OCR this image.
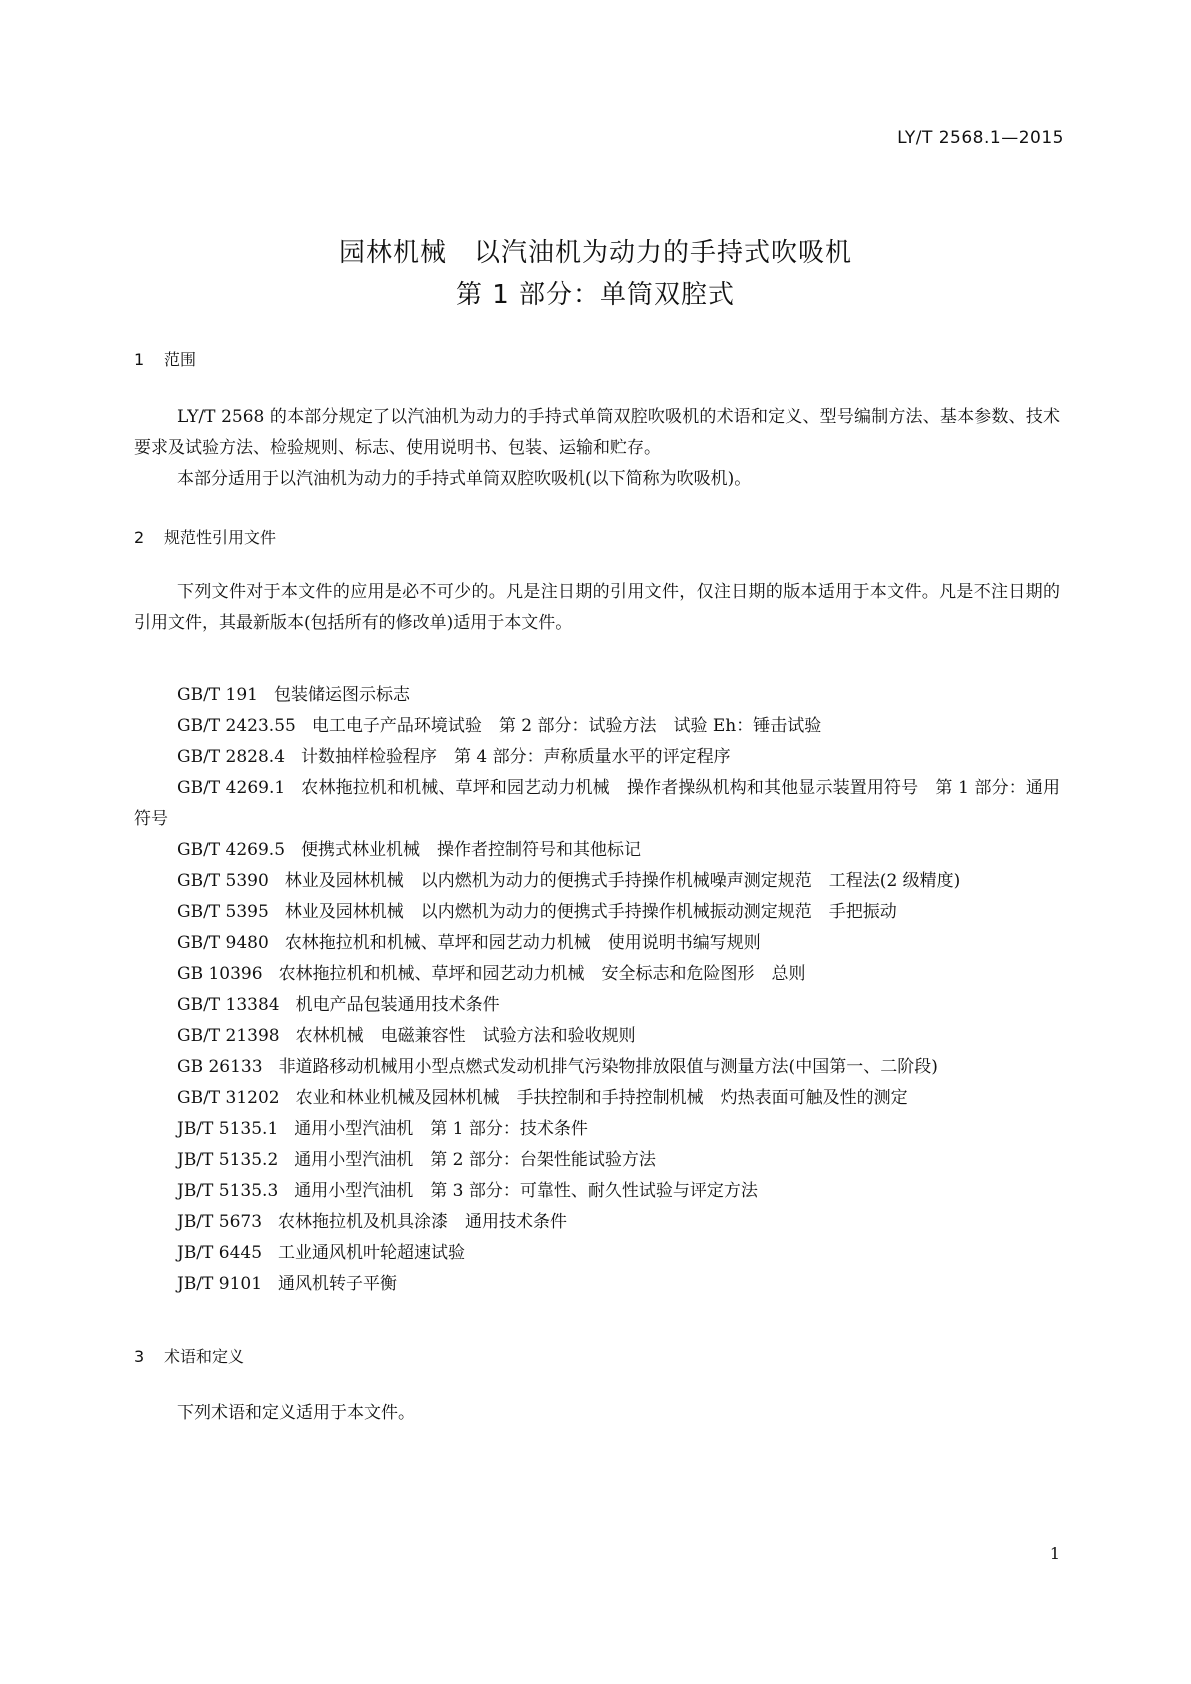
LY/T 2568.1—2015
园林机械　以汽油机为动力的手持式吹吸机
第 1 部分：单筒双腔式
1 范围
LY/T 2568 的本部分规定了以汽油机为动力的手持式单筒双腔吹吸机的术语和定义、型号编制方法、基本参数、技术要求及试验方法、检验规则、标志、使用说明书、包装、运输和贮存。
本部分适用于以汽油机为动力的手持式单筒双腔吹吸机(以下简称为吹吸机)。
2 规范性引用文件
下列文件对于本文件的应用是必不可少的。凡是注日期的引用文件，仅注日期的版本适用于本文件。凡是不注日期的引用文件，其最新版本(包括所有的修改单)适用于本文件。
GB/T 191 包装储运图示标志
GB/T 2423.55 电工电子产品环境试验　第 2 部分：试验方法　试验 Eh：锤击试验
GB/T 2828.4 计数抽样检验程序　第 4 部分：声称质量水平的评定程序
GB/T 4269.1 农林拖拉机和机械、草坪和园艺动力机械　操作者操纵机构和其他显示装置用符号　第 1 部分：通用符号
GB/T 4269.5 便携式林业机械　操作者控制符号和其他标记
GB/T 5390 林业及园林机械　以内燃机为动力的便携式手持操作机械噪声测定规范　工程法(2 级精度)
GB/T 5395 林业及园林机械　以内燃机为动力的便携式手持操作机械振动测定规范　手把振动
GB/T 9480 农林拖拉机和机械、草坪和园艺动力机械　使用说明书编写规则
GB 10396 农林拖拉机和机械、草坪和园艺动力机械　安全标志和危险图形　总则
GB/T 13384 机电产品包装通用技术条件
GB/T 21398 农林机械　电磁兼容性　试验方法和验收规则
GB 26133 非道路移动机械用小型点燃式发动机排气污染物排放限值与测量方法(中国第一、二阶段)
GB/T 31202 农业和林业机械及园林机械　手扶控制和手持控制机械　灼热表面可触及性的测定
JB/T 5135.1 通用小型汽油机　第 1 部分：技术条件
JB/T 5135.2 通用小型汽油机　第 2 部分：台架性能试验方法
JB/T 5135.3 通用小型汽油机　第 3 部分：可靠性、耐久性试验与评定方法
JB/T 5673 农林拖拉机及机具涂漆　通用技术条件
JB/T 6445 工业通风机叶轮超速试验
JB/T 9101 通风机转子平衡
3 术语和定义
下列术语和定义适用于本文件。
1
